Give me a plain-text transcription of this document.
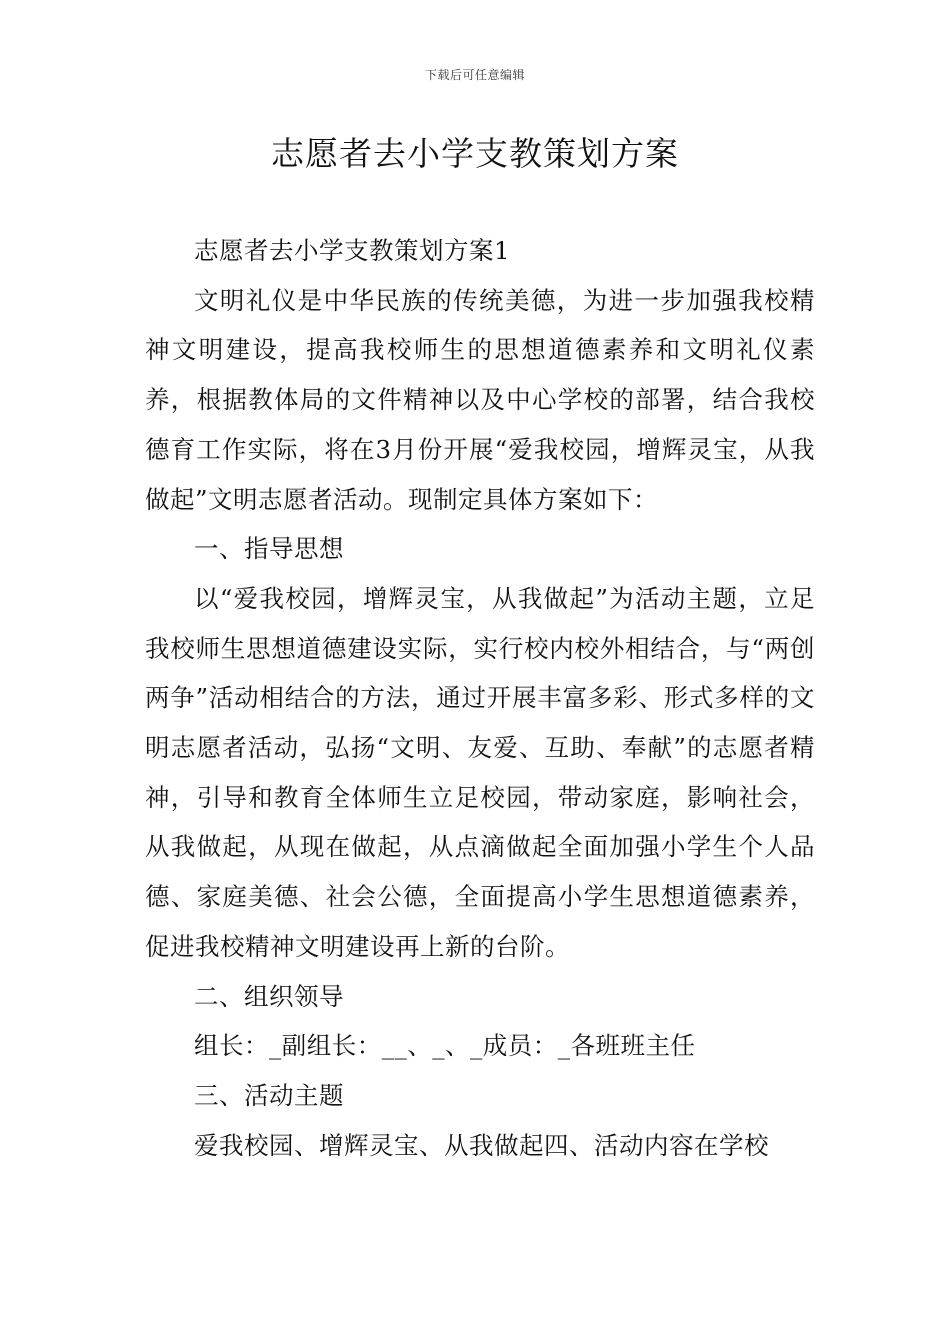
下载后可任意编辑
志愿者去小学支教策划方案

志愿者去小学支教策划方案1

文明礼仪是中华民族的传统美德，为进一步加强我校精神文明建设，提高我校师生的思想道德素养和文明礼仪素养，根据教体局的文件精神以及中心学校的部署，结合我校德育工作实际，将在3月份开展“爱我校园，增辉灵宝，从我做起”文明志愿者活动。现制定具体方案如下：

一、指导思想

以“爱我校园，增辉灵宝，从我做起”为活动主题，立足我校师生思想道德建设实际，实行校内校外相结合，与“两创两争”活动相结合的方法，通过开展丰富多彩、形式多样的文明志愿者活动，弘扬“文明、友爱、互助、奉献”的志愿者精神，引导和教育全体师生立足校园，带动家庭，影响社会，从我做起，从现在做起，从点滴做起全面加强小学生个人品德、家庭美德、社会公德，全面提高小学生思想道德素养，促进我校精神文明建设再上新的台阶。

二、组织领导

组长：_副组长：__、_、_成员：_各班班主任

三、活动主题

爱我校园、增辉灵宝、从我做起四、活动内容在学校
